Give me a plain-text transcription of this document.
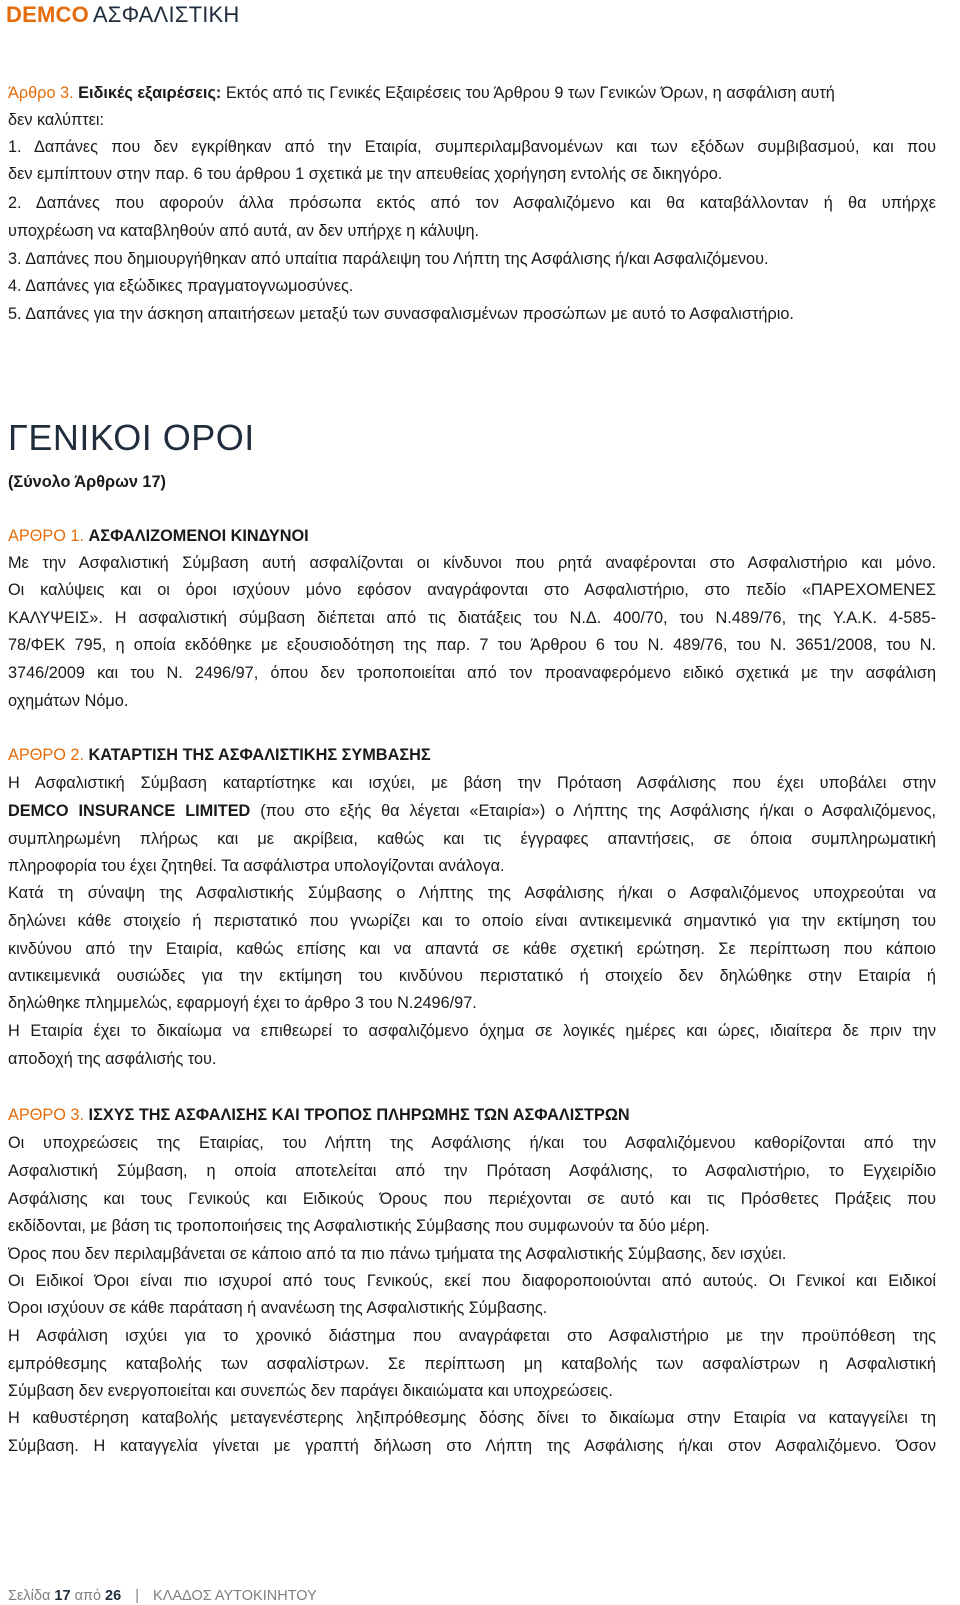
DEMCO ΑΣΦΑΛΙΣΤΙΚΗ
Άρθρο 3. Ειδικές εξαιρέσεις: Εκτός από τις Γενικές Εξαιρέσεις του Άρθρου 9 των Γενικών Όρων, η ασφάλιση αυτή
δεν καλύπτει:
1. Δαπάνες που δεν εγκρίθηκαν από την Εταιρία, συμπεριλαμβανομένων και των εξόδων συμβιβασμού, και που
δεν εμπίπτουν στην παρ. 6 του άρθρου 1 σχετικά με την απευθείας χορήγηση εντολής σε δικηγόρο.
2. Δαπάνες που αφορούν άλλα πρόσωπα εκτός από τον Ασφαλιζόμενο και θα καταβάλλονταν ή θα υπήρχε
υποχρέωση να καταβληθούν από αυτά, αν δεν υπήρχε η κάλυψη.
3. Δαπάνες που δημιουργήθηκαν από υπαίτια παράλειψη του Λήπτη της Ασφάλισης ή/και Ασφαλιζόμενου.
4. Δαπάνες για εξώδικες πραγματογνωμοσύνες.
5. Δαπάνες για την άσκηση απαιτήσεων μεταξύ των συνασφαλισμένων προσώπων με αυτό το Ασφαλιστήριο.
ΓΕΝΙΚΟΙ ΟΡΟΙ
(Σύνολο Άρθρων 17)
ΑΡΘΡΟ 1. ΑΣΦΑΛΙΖΟΜΕΝΟΙ ΚΙΝΔΥΝΟΙ
Με την Ασφαλιστική Σύμβαση αυτή ασφαλίζονται οι κίνδυνοι που ρητά αναφέρονται στο Ασφαλιστήριο και μόνο.
Οι καλύψεις και οι όροι ισχύουν μόνο εφόσον αναγράφονται στο Ασφαλιστήριο, στο πεδίο «ΠΑΡΕΧΟΜΕΝΕΣ
ΚΑΛΥΨΕΙΣ». Η ασφαλιστική σύμβαση διέπεται από τις διατάξεις του Ν.Δ. 400/70, του Ν.489/76, της Υ.Α.Κ. 4-585-
78/ΦΕΚ 795, η οποία εκδόθηκε με εξουσιοδότηση της παρ. 7 του Άρθρου 6 του Ν. 489/76, του Ν. 3651/2008, του Ν.
3746/2009 και του Ν. 2496/97, όπου δεν τροποποιείται από τον προαναφερόμενο ειδικό σχετικά με την ασφάλιση
οχημάτων Νόμο.
ΑΡΘΡΟ 2. ΚΑΤΑΡΤΙΣΗ ΤΗΣ ΑΣΦΑΛΙΣΤΙΚΗΣ ΣΥΜΒΑΣΗΣ
Η Ασφαλιστική Σύμβαση καταρτίστηκε και ισχύει, με βάση την Πρόταση Ασφάλισης που έχει υποβάλει στην
DEMCO INSURANCE LIMITED (που στο εξής θα λέγεται «Εταιρία») ο Λήπτης της Ασφάλισης ή/και ο Ασφαλιζόμενος,
συμπληρωμένη πλήρως και με ακρίβεια, καθώς και τις έγγραφες απαντήσεις, σε όποια συμπληρωματική
πληροφορία του έχει ζητηθεί. Τα ασφάλιστρα υπολογίζονται ανάλογα.
Κατά τη σύναψη της Ασφαλιστικής Σύμβασης ο Λήπτης της Ασφάλισης ή/και ο Ασφαλιζόμενος υποχρεούται να
δηλώνει κάθε στοιχείο ή περιστατικό που γνωρίζει και το οποίο είναι αντικειμενικά σημαντικό για την εκτίμηση του
κινδύνου από την Εταιρία, καθώς επίσης και να απαντά σε κάθε σχετική ερώτηση. Σε περίπτωση που κάποιο
αντικειμενικά ουσιώδες για την εκτίμηση του κινδύνου περιστατικό ή στοιχείο δεν δηλώθηκε στην Εταιρία ή
δηλώθηκε πλημμελώς, εφαρμογή έχει το άρθρο 3 του Ν.2496/97.
Η Εταιρία έχει το δικαίωμα να επιθεωρεί το ασφαλιζόμενο όχημα σε λογικές ημέρες και ώρες, ιδιαίτερα δε πριν την
αποδοχή της ασφάλισής του.
ΑΡΘΡΟ 3. ΙΣΧΥΣ ΤΗΣ ΑΣΦΑΛΙΣΗΣ ΚΑΙ ΤΡΟΠΟΣ ΠΛΗΡΩΜΗΣ ΤΩΝ ΑΣΦΑΛΙΣΤΡΩΝ
Οι υποχρεώσεις της Εταιρίας, του Λήπτη της Ασφάλισης ή/και του Ασφαλιζόμενου καθορίζονται από την
Ασφαλιστική Σύμβαση, η οποία αποτελείται από την Πρόταση Ασφάλισης, το Ασφαλιστήριο, το Εγχειρίδιο
Ασφάλισης και τους Γενικούς και Ειδικούς Όρους που περιέχονται σε αυτό και τις Πρόσθετες Πράξεις που
εκδίδονται, με βάση τις τροποποιήσεις της Ασφαλιστικής Σύμβασης που συμφωνούν τα δύο μέρη.
Όρος που δεν περιλαμβάνεται σε κάποιο από τα πιο πάνω τμήματα της Ασφαλιστικής Σύμβασης, δεν ισχύει.
Οι Ειδικοί Όροι είναι πιο ισχυροί από τους Γενικούς, εκεί που διαφοροποιούνται από αυτούς. Οι Γενικοί και Ειδικοί
Όροι ισχύουν σε κάθε παράταση ή ανανέωση της Ασφαλιστικής Σύμβασης.
Η Ασφάλιση ισχύει για το χρονικό διάστημα που αναγράφεται στο Ασφαλιστήριο με την προϋπόθεση της
εμπρόθεσμης καταβολής των ασφαλίστρων. Σε περίπτωση μη καταβολής των ασφαλίστρων η Ασφαλιστική
Σύμβαση δεν ενεργοποιείται και συνεπώς δεν παράγει δικαιώματα και υποχρεώσεις.
Η καθυστέρηση καταβολής μεταγενέστερης ληξιπρόθεσμης δόσης δίνει το δικαίωμα στην Εταιρία να καταγγείλει τη
Σύμβαση. Η καταγγελία γίνεται με γραπτή δήλωση στο Λήπτη της Ασφάλισης ή/και στον Ασφαλιζόμενο. Όσον
Σελίδα 17 από 26 | ΚΛΑΔΟΣ ΑΥΤΟΚΙΝΗΤΟΥ
